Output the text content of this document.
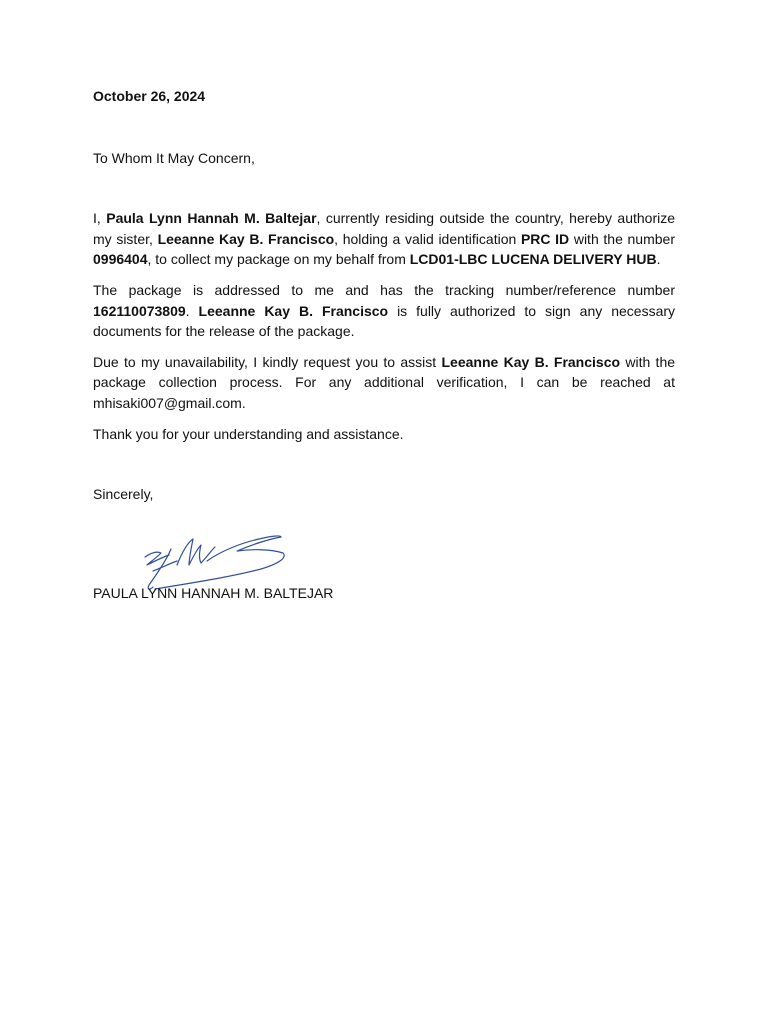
October 26, 2024

To Whom It May Concern,

I, Paula Lynn Hannah M. Baltejar, currently residing outside the country, hereby authorize my sister, Leeanne Kay B. Francisco, holding a valid identification PRC ID with the number 0996404, to collect my package on my behalf from LCD01-LBC LUCENA DELIVERY HUB.

The package is addressed to me and has the tracking number/reference number 162110073809. Leeanne Kay B. Francisco is fully authorized to sign any necessary documents for the release of the package.

Due to my unavailability, I kindly request you to assist Leeanne Kay B. Francisco with the package collection process. For any additional verification, I can be reached at mhisaki007@gmail.com.

Thank you for your understanding and assistance.

Sincerely,

PAULA LYNN HANNAH M. BALTEJAR
